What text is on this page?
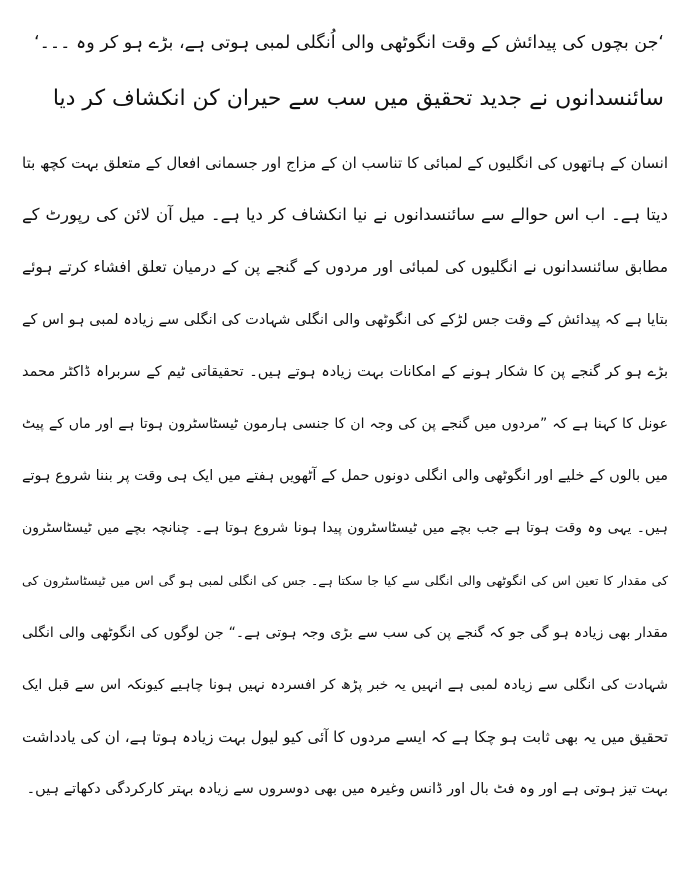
‘جن بچوں کی پیدائش کے وقت انگوٹھی والی اُنگلی لمبی ہوتی ہے، بڑے ہو کر وہ ۔۔۔‘
سائنسدانوں نے جدید تحقیق میں سب سے حیران کن انکشاف کر دیا

انسان کے ہاتھوں کی انگلیوں کے لمبائی کا تناسب ان کے مزاج اور جسمانی افعال کے متعلق بہت کچھ بتا

دیتا ہے۔ اب اس حوالے سے سائنسدانوں نے نیا انکشاف کر دیا ہے۔ میل آن لائن کی رپورٹ کے

مطابق سائنسدانوں نے انگلیوں کی لمبائی اور مردوں کے گنجے پن کے درمیان تعلق افشاء کرتے ہوئے

بتایا ہے کہ پیدائش کے وقت جس لڑکے کی انگوٹھی والی انگلی شہادت کی انگلی سے زیادہ لمبی ہو اس کے

بڑے ہو کر گنجے پن کا شکار ہونے کے امکانات بہت زیادہ ہوتے ہیں۔ تحقیقاتی ٹیم کے سربراہ ڈاکٹر محمد

عونل کا کہنا ہے کہ ”مردوں میں گنجے پن کی وجہ ان کا جنسی ہارمون ٹیسٹاسٹرون ہوتا ہے اور ماں کے پیٹ

میں بالوں کے خلیے اور انگوٹھی والی انگلی دونوں حمل کے آٹھویں ہفتے میں ایک ہی وقت پر بننا شروع ہوتے

ہیں۔ یہی وہ وقت ہوتا ہے جب بچے میں ٹیسٹاسٹرون پیدا ہونا شروع ہوتا ہے۔ چنانچہ بچے میں ٹیسٹاسٹرون

کی مقدار کا تعین اس کی انگوٹھی والی انگلی سے کیا جا سکتا ہے۔ جس کی انگلی لمبی ہو گی اس میں ٹیسٹاسٹرون کی

مقدار بھی زیادہ ہو گی جو کہ گنجے پن کی سب سے بڑی وجہ ہوتی ہے۔“ جن لوگوں کی انگوٹھی والی انگلی

شہادت کی انگلی سے زیادہ لمبی ہے انہیں یہ خبر پڑھ کر افسردہ نہیں ہونا چاہیے کیونکہ اس سے قبل ایک

تحقیق میں یہ بھی ثابت ہو چکا ہے کہ ایسے مردوں کا آئی کیو لیول بہت زیادہ ہوتا ہے، ان کی یادداشت

بہت تیز ہوتی ہے اور وہ فٹ بال اور ڈانس وغیرہ میں بھی دوسروں سے زیادہ بہتر کارکردگی دکھاتے ہیں۔
